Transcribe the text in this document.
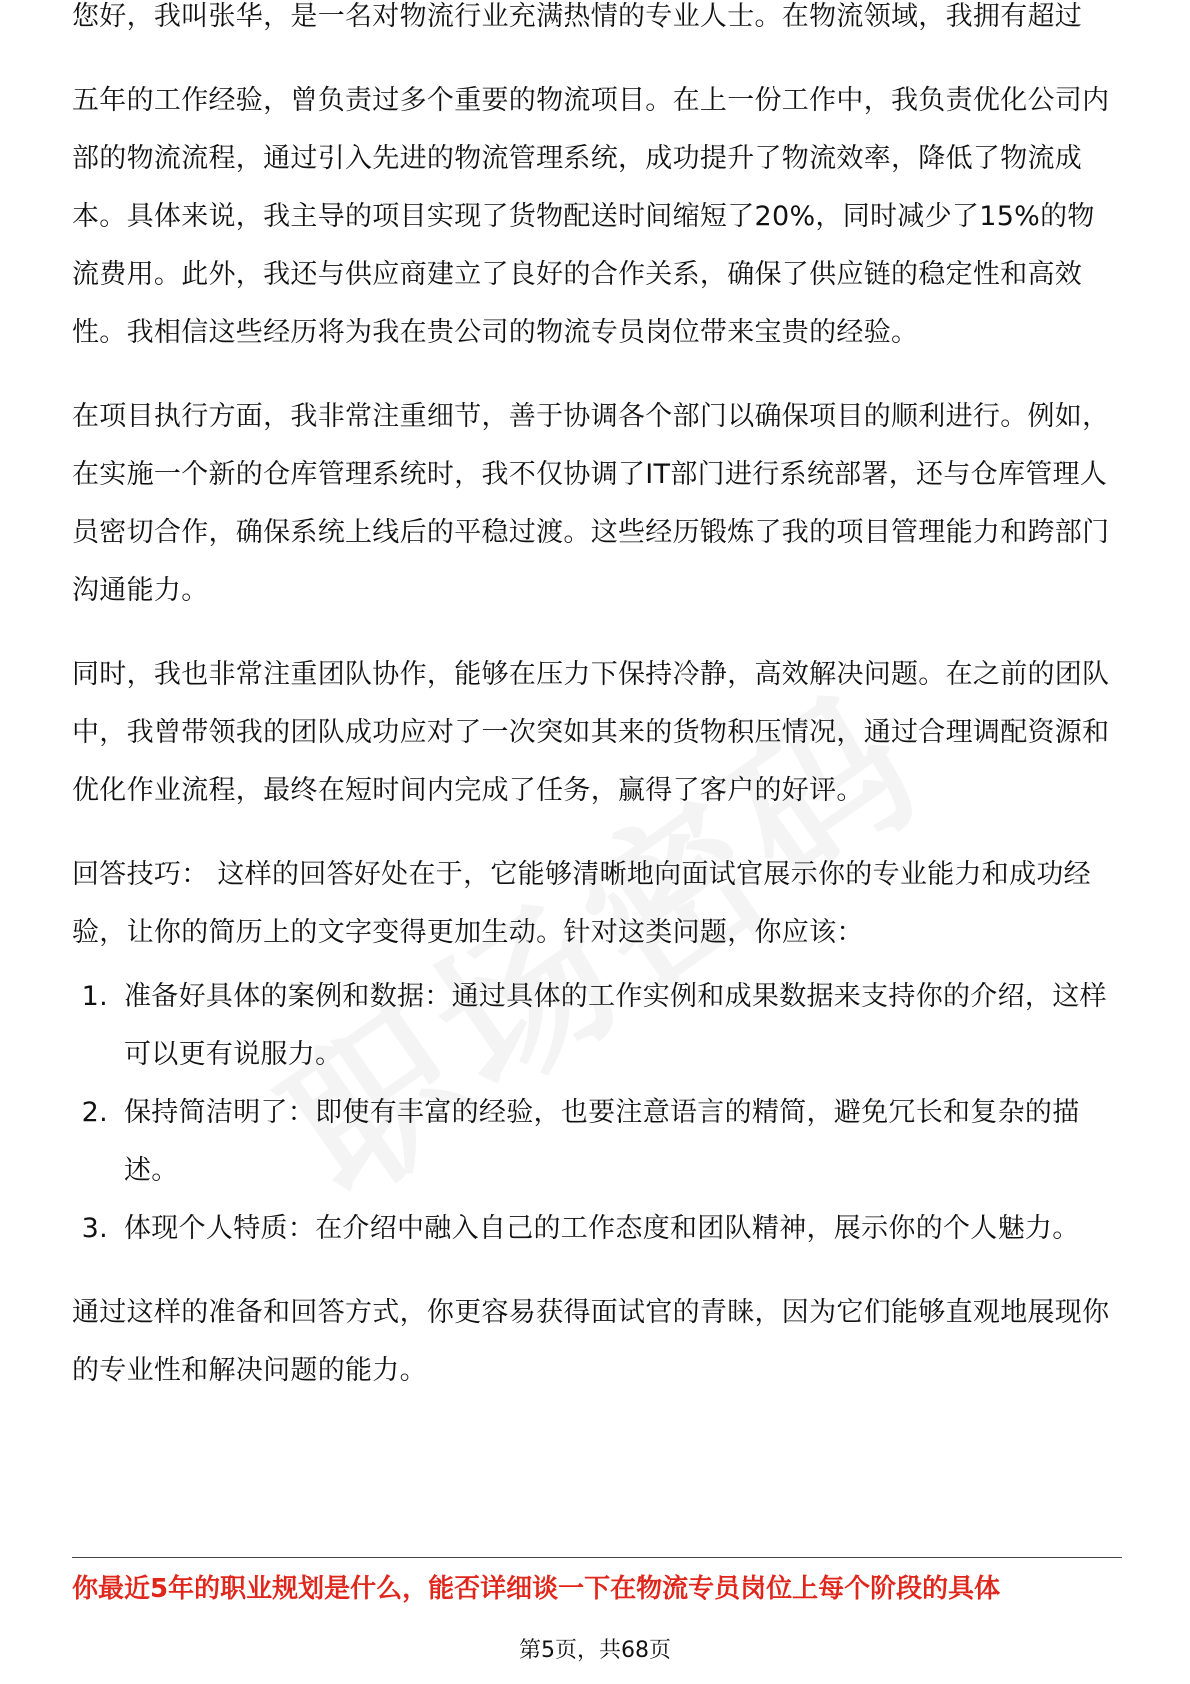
您好，我叫张华，是一名对物流行业充满热情的专业人士。在物流领域，我拥有超过

五年的工作经验，曾负责过多个重要的物流项目。在上一份工作中，我负责优化公司内部的物流流程，通过引入先进的物流管理系统，成功提升了物流效率，降低了物流成本。具体来说，我主导的项目实现了货物配送时间缩短了20%，同时减少了15%的物流费用。此外，我还与供应商建立了良好的合作关系，确保了供应链的稳定性和高效性。我相信这些经历将为我在贵公司的物流专员岗位带来宝贵的经验。

在项目执行方面，我非常注重细节，善于协调各个部门以确保项目的顺利进行。例如，在实施一个新的仓库管理系统时，我不仅协调了IT部门进行系统部署，还与仓库管理人员密切合作，确保系统上线后的平稳过渡。这些经历锻炼了我的项目管理能力和跨部门沟通能力。

同时，我也非常注重团队协作，能够在压力下保持冷静，高效解决问题。在之前的团队中，我曾带领我的团队成功应对了一次突如其来的货物积压情况，通过合理调配资源和优化作业流程，最终在短时间内完成了任务，赢得了客户的好评。

回答技巧： 这样的回答好处在于，它能够清晰地向面试官展示你的专业能力和成功经验，让你的简历上的文字变得更加生动。针对这类问题，你应该：

1. 准备好具体的案例和数据：通过具体的工作实例和成果数据来支持你的介绍，这样可以更有说服力。
2. 保持简洁明了：即使有丰富的经验，也要注意语言的精简，避免冗长和复杂的描述。
3. 体现个人特质：在介绍中融入自己的工作态度和团队精神，展示你的个人魅力。

通过这样的准备和回答方式，你更容易获得面试官的青睐，因为它们能够直观地展现你的专业性和解决问题的能力。

你最近5年的职业规划是什么，能否详细谈一下在物流专员岗位上每个阶段的具体
第5页，共68页
